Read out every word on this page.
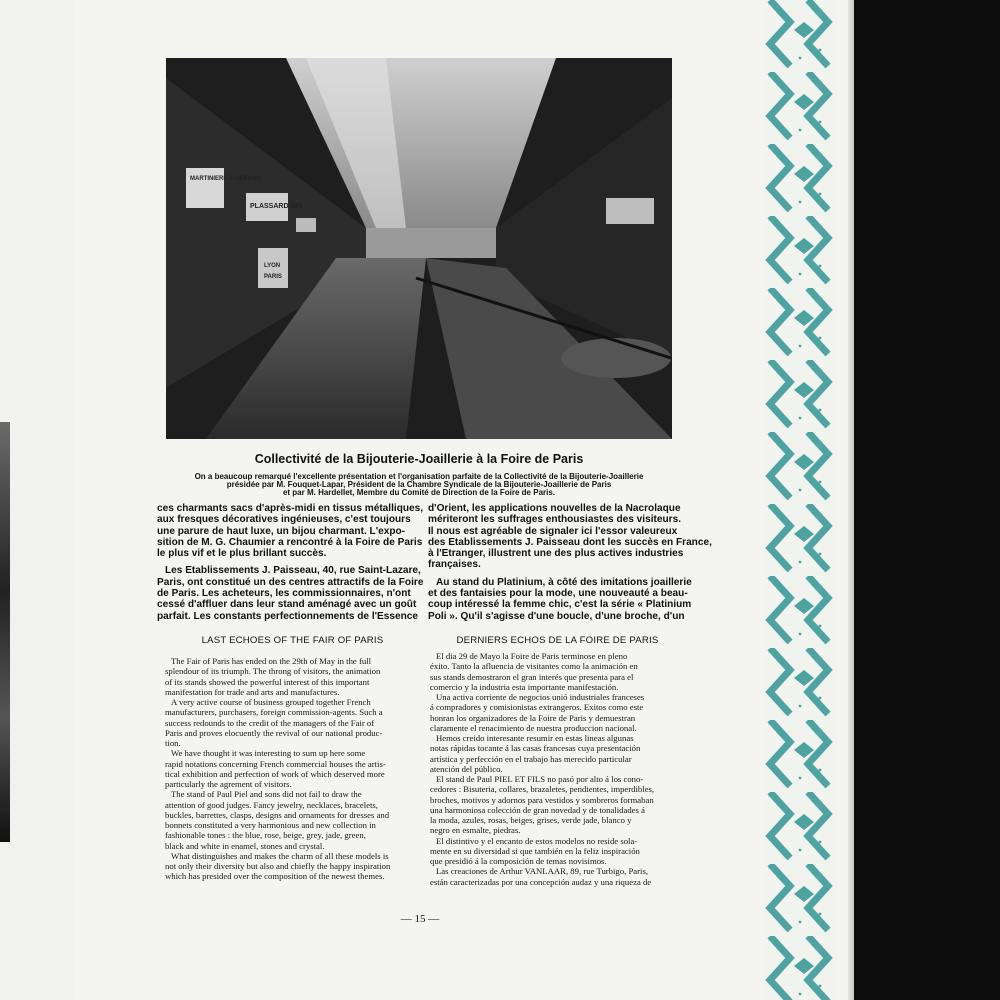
MARTINIERE & DEKAND
PLASSARD AIN
LYON
PARIS
Collectivité de la Bijouterie-Joaillerie à la Foire de Paris
On a beaucoup remarqué l'excellente présentation et l'organisation parfaite de la Collectivité de la Bijouterie-Joaillerie
présidée par M. Fouquet-Lapar, Président de la Chambre Syndicale de la Bijouterie-Joaillerie de Paris
et par M. Hardellet, Membre du Comité de Direction de la Foire de Paris.

ces charmants sacs d'après-midi en tissus métalliques,

aux fresques décoratives ingénieuses, c'est toujours

une parure de haut luxe, un bijou charmant. L'expo-

sition de M. G. Chaumier a rencontré à la Foire de Paris

le plus vif et le plus brillant succès.

Les Etablissements J. Paisseau, 40, rue Saint-Lazare,

Paris, ont constitué un des centres attractifs de la Foire

de Paris. Les acheteurs, les commissionnaires, n'ont

cessé d'affluer dans leur stand aménagé avec un goût

parfait. Les constants perfectionnements de l'Essence

d'Orient, les applications nouvelles de la Nacrolaque

mériteront les suffrages enthousiastes des visiteurs.

Il nous est agréable de signaler ici l'essor valeureux

des Etablissements J. Paisseau dont les succès en France,

à l'Etranger, illustrent une des plus actives industries

françaises.

Au stand du Platinium, à côté des imitations joaillerie

et des fantaisies pour la mode, une nouveauté a beau-

coup intéressé la femme chic, c'est la série « Platinium

Poli ». Qu'il s'agisse d'une boucle, d'une broche, d'un

LAST ECHOES OF THE FAIR OF PARIS	DERNIERS ECHOS DE LA FOIRE DE PARIS
The Fair of Paris has ended on the 29th of May in the full
splendour of its triumph. The throng of visitors, the animation
of its stands showed the powerful interest of this important
manifestation for trade and arts and manufactures.
A very active course of business grouped together French
manufacturers, purchasers, foreign commission-agents. Such a
success redounds to the credit of the managers of the Fair of
Paris and proves elocuently the revival of our national produc-
tion.
We have thought it was interesting to sum up here some
rapid notations concerning French commercial houses the artis-
tical exhibition and perfection of work of which deserved more
particularly the agrement of visitors.
The stand of Paul Piel and sons did not fail to draw the
attention of good judges. Fancy jewelry, necklaces, bracelets,
buckles, barrettes, clasps, designs and ornaments for dresses and
bonnets constituted a very harmonious and new collection in
fashionable tones : the blue, rose, beige, grey, jade, green,
black and white in enamel, stones and crystal.
What distinguishes and makes the charm of all these models is
not only their diversity but also and chiefly the happy inspiration
which has presided over the composition of the newest themes.
El dia 29 de Mayo la Foire de Paris terminose en pleno
éxito. Tanto la afluencia de visitantes como la animación en
sus stands demostraron el gran interés que presenta para el
comercio y la industria esta importante manifestación.
Una activa corriente de negocios unió industriales franceses
á compradores y comisionistas extrangeros. Exitos como este
honran los organizadores de la Foire de Paris y demuestran
claramente el renacimiento de nuestra produccion nacional.
Hemos creido interesante resumir en estas lineas algunas
notas rápidas tocante á las casas francesas cuya presentación
artística y perfección en el trabajo has merecido particular
atención del público.
El stand de Paul PIEL ET FILS no pasó por alto á los cono-
cedores : Bisuteria, collares, brazaletes, pendientes, imperdibles,
broches, motivos y adornos para vestidos y sombreros formaban
una harmoniosa colección de gran novedad y de tonalidades á
la moda, azules, rosas, beiges, grises, verde jade, blanco y
negro en esmalte, piedras.
El distintivo y el encanto de estos modelos no reside sola-
mente en su diversidad si que también en la feliz inspiración
que presidió á la composición de temas novisimos.
Las creaciones de Arthur VANLAAR, 89, rue Turbigo, Paris,
están caracterizadas por una concepción audaz y una riqueza de
— 15 —
